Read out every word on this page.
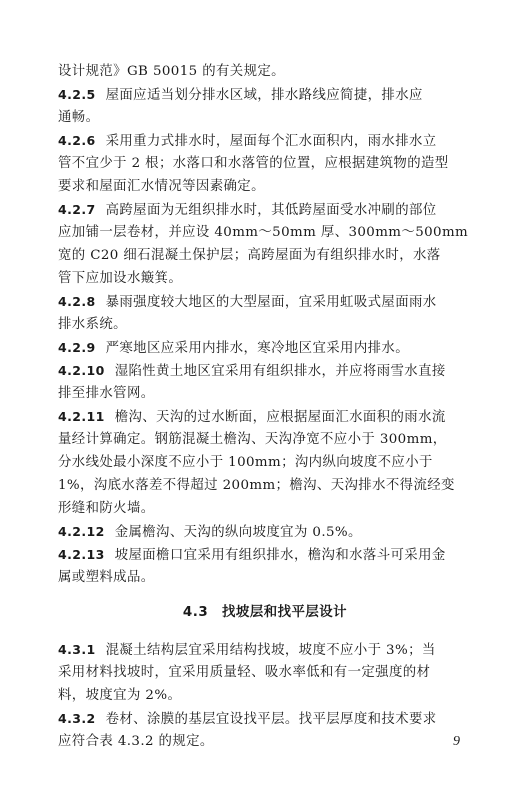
设计规范》GB 50015 的有关规定。
4.2.5 屋面应适当划分排水区域，排水路线应简捷，排水应
通畅。
4.2.6 采用重力式排水时，屋面每个汇水面积内，雨水排水立
管不宜少于 2 根；水落口和水落管的位置，应根据建筑物的造型
要求和屋面汇水情况等因素确定。
4.2.7 高跨屋面为无组织排水时，其低跨屋面受水冲刷的部位
应加铺一层卷材，并应设 40mm～50mm 厚、300mm～500mm
宽的 C20 细石混凝土保护层；高跨屋面为有组织排水时，水落
管下应加设水簸箕。
4.2.8 暴雨强度较大地区的大型屋面，宜采用虹吸式屋面雨水
排水系统。
4.2.9 严寒地区应采用内排水，寒冷地区宜采用内排水。
4.2.10 湿陷性黄土地区宜采用有组织排水，并应将雨雪水直接
排至排水管网。
4.2.11 檐沟、天沟的过水断面，应根据屋面汇水面积的雨水流
量经计算确定。钢筋混凝土檐沟、天沟净宽不应小于 300mm，
分水线处最小深度不应小于 100mm；沟内纵向坡度不应小于
1%，沟底水落差不得超过 200mm；檐沟、天沟排水不得流经变
形缝和防火墙。
4.2.12 金属檐沟、天沟的纵向坡度宜为 0.5%。
4.2.13 坡屋面檐口宜采用有组织排水，檐沟和水落斗可采用金
属或塑料成品。
4.3　找坡层和找平层设计
4.3.1 混凝土结构层宜采用结构找坡，坡度不应小于 3%；当
采用材料找坡时，宜采用质量轻、吸水率低和有一定强度的材
料，坡度宜为 2%。
4.3.2 卷材、涂膜的基层宜设找平层。找平层厚度和技术要求
应符合表 4.3.2 的规定。	9
